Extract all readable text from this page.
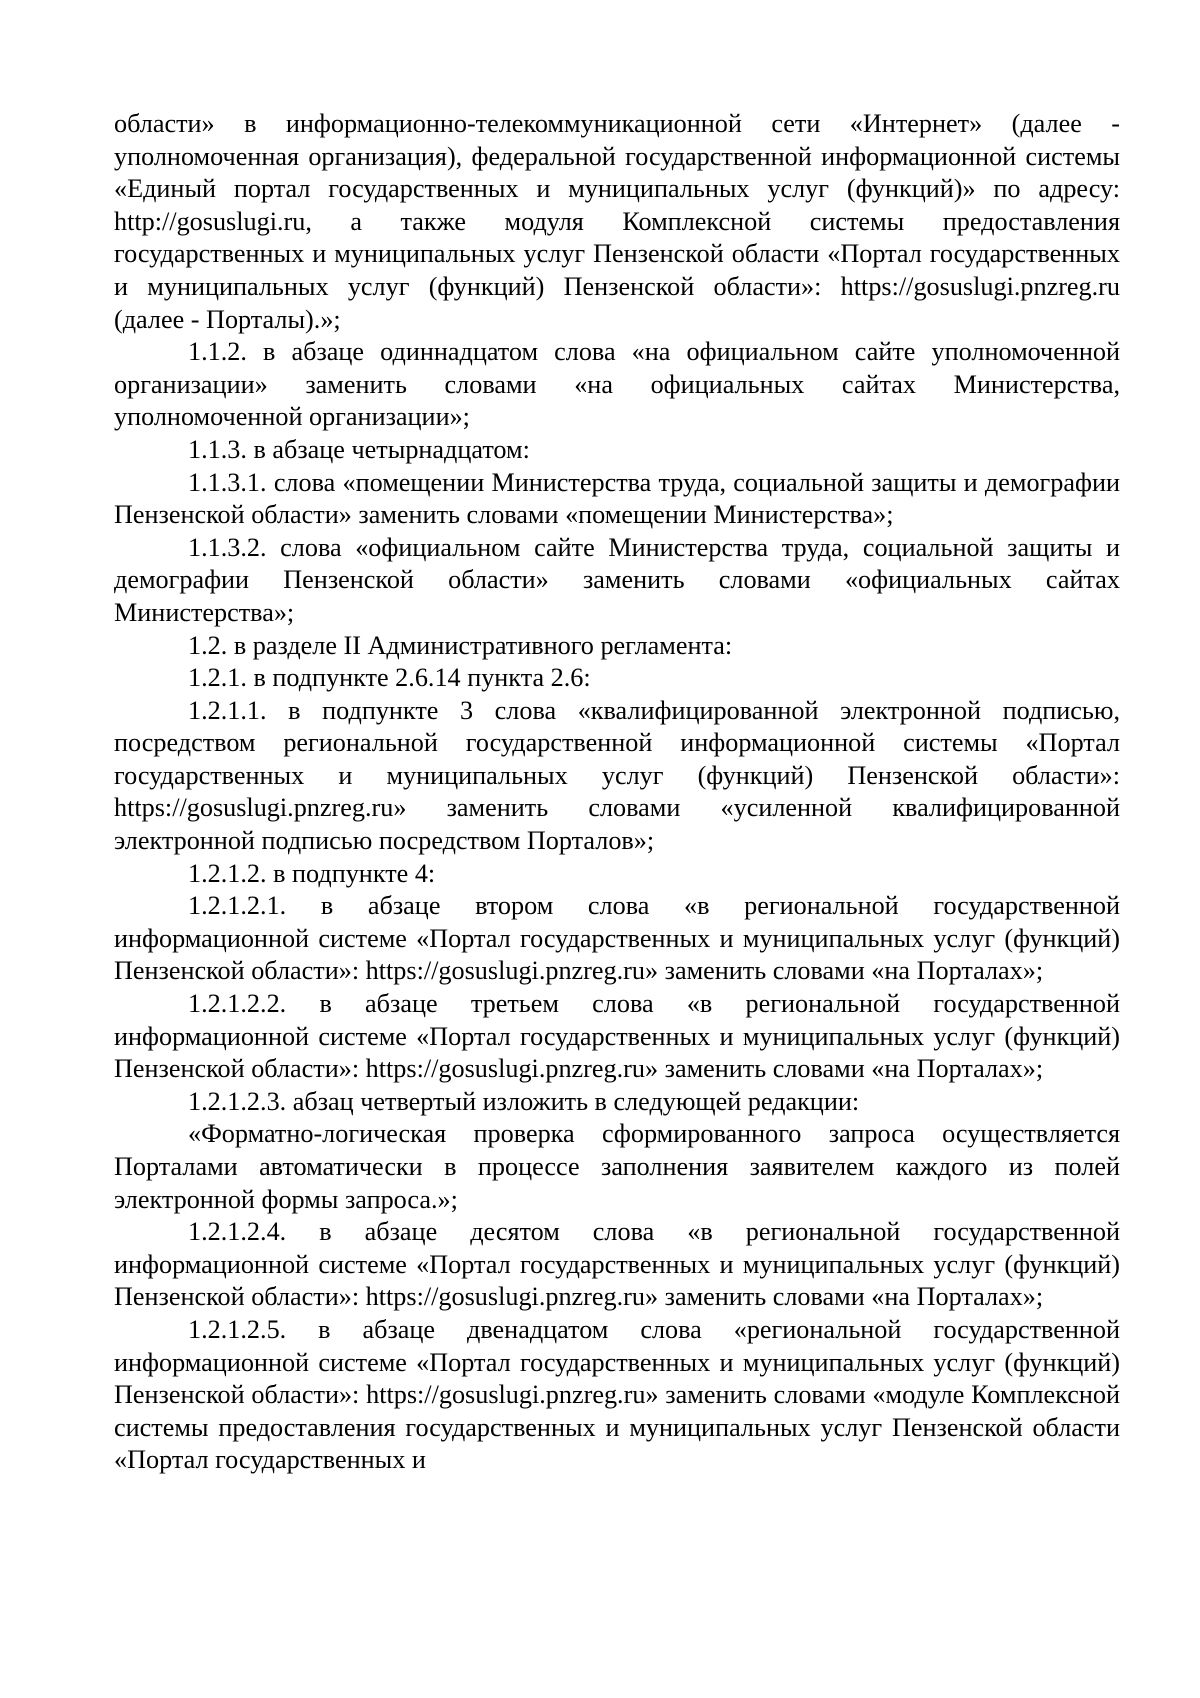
области» в информационно-телекоммуникационной сети «Интернет» (далее - уполномоченная организация), федеральной государственной информационной системы «Единый портал государственных и муниципальных услуг (функций)» по адресу: http://gosuslugi.ru, а также модуля Комплексной системы предоставления государственных и муниципальных услуг Пензенской области «Портал государственных и муниципальных услуг (функций) Пензенской области»: https://gosuslugi.pnzreg.ru (далее - Порталы).»;

1.1.2. в абзаце одиннадцатом слова «на официальном сайте уполномоченной организации» заменить словами «на официальных сайтах Министерства, уполномоченной организации»;

1.1.3. в абзаце четырнадцатом:

1.1.3.1. слова «помещении Министерства труда, социальной защиты и демографии Пензенской области» заменить словами «помещении Министерства»;

1.1.3.2. слова «официальном сайте Министерства труда, социальной защиты и демографии Пензенской области» заменить словами «официальных сайтах Министерства»;

1.2. в разделе II Административного регламента:

1.2.1. в подпункте 2.6.14 пункта 2.6:

1.2.1.1. в подпункте 3 слова «квалифицированной электронной подписью, посредством региональной государственной информационной системы «Портал государственных и муниципальных услуг (функций) Пензенской области»: https://gosuslugi.pnzreg.ru» заменить словами «усиленной квалифицированной электронной подписью посредством Порталов»;

1.2.1.2. в подпункте 4:

1.2.1.2.1. в абзаце втором слова «в региональной государственной информационной системе «Портал государственных и муниципальных услуг (функций) Пензенской области»: https://gosuslugi.pnzreg.ru» заменить словами «на Порталах»;

1.2.1.2.2. в абзаце третьем слова «в региональной государственной информационной системе «Портал государственных и муниципальных услуг (функций) Пензенской области»: https://gosuslugi.pnzreg.ru» заменить словами «на Порталах»;

1.2.1.2.3. абзац четвертый изложить в следующей редакции:

«Форматно-логическая проверка сформированного запроса осуществляется Порталами автоматически в процессе заполнения заявителем каждого из полей электронной формы запроса.»;

1.2.1.2.4. в абзаце десятом слова «в региональной государственной информационной системе «Портал государственных и муниципальных услуг (функций) Пензенской области»: https://gosuslugi.pnzreg.ru» заменить словами «на Порталах»;

1.2.1.2.5. в абзаце двенадцатом слова «региональной государственной информационной системе «Портал государственных и муниципальных услуг (функций) Пензенской области»: https://gosuslugi.pnzreg.ru» заменить словами «модуле Комплексной системы предоставления государственных и муниципальных услуг Пензенской области «Портал государственных и
